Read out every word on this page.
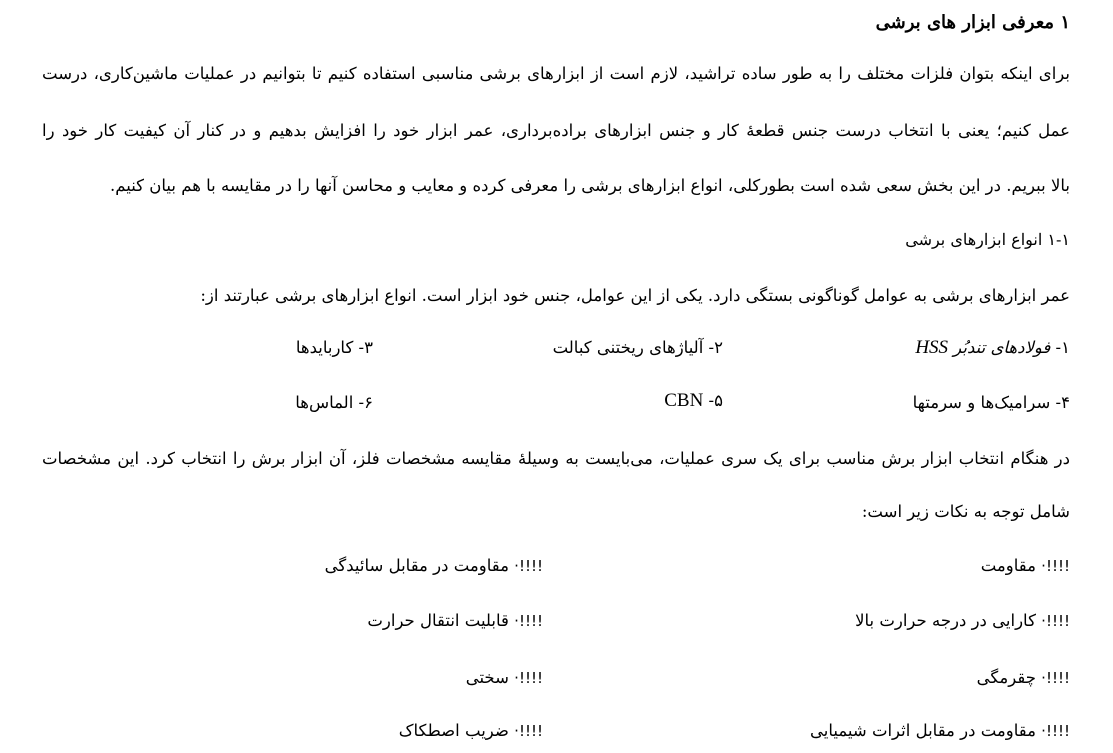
۱ معرفی ابزار های برشی
برای اینکه بتوان فلزات مختلف را به طور ساده تراشید، لازم است از ابزارهای برشی مناسبی استفاده کنیم تا بتوانیم در عملیات ماشین‌کاری، درست
عمل کنیم؛ یعنی با انتخاب درست جنس قطعهٔ کار و جنس ابزارهای براده‌برداری، عمر ابزار خود را افزایش بدهیم و در کنار آن کیفیت کار خود را
بالا ببریم. در این بخش سعی شده است بطورکلی، انواع ابزارهای برشی را معرفی کرده و معایب و محاسن آنها را در مقایسه با هم بیان کنیم.
۱-۱ انواع ابزارهای برشی
عمر ابزارهای برشی به عوامل گوناگونی بستگی دارد. یکی از این عوامل، جنس خود ابزار است. انواع ابزارهای برشی عبارتند از:
۱- فولادهای تندبُر HSS
۲- آلیاژهای ریختنی کبالت
۳- کاربایدها
۴- سرامیک‌ها و سرمتها
۵- CBN
۶- الماس‌ها
در هنگام انتخاب ابزار برش مناسب برای یک سری عملیات، می‌بایست به وسیلهٔ مقایسه مشخصات فلز، آن ابزار برش را انتخاب کرد. این مشخصات
شامل توجه به نکات زیر است:
!!!!· مقاومت
!!!!· مقاومت در مقابل سائیدگی
!!!!· کارایی در درجه حرارت بالا
!!!!· قابلیت انتقال حرارت
!!!!· چقرمگی
!!!!· سختی
!!!!· مقاومت در مقابل اثرات شیمیایی
!!!!· ضریب اصطکاک
